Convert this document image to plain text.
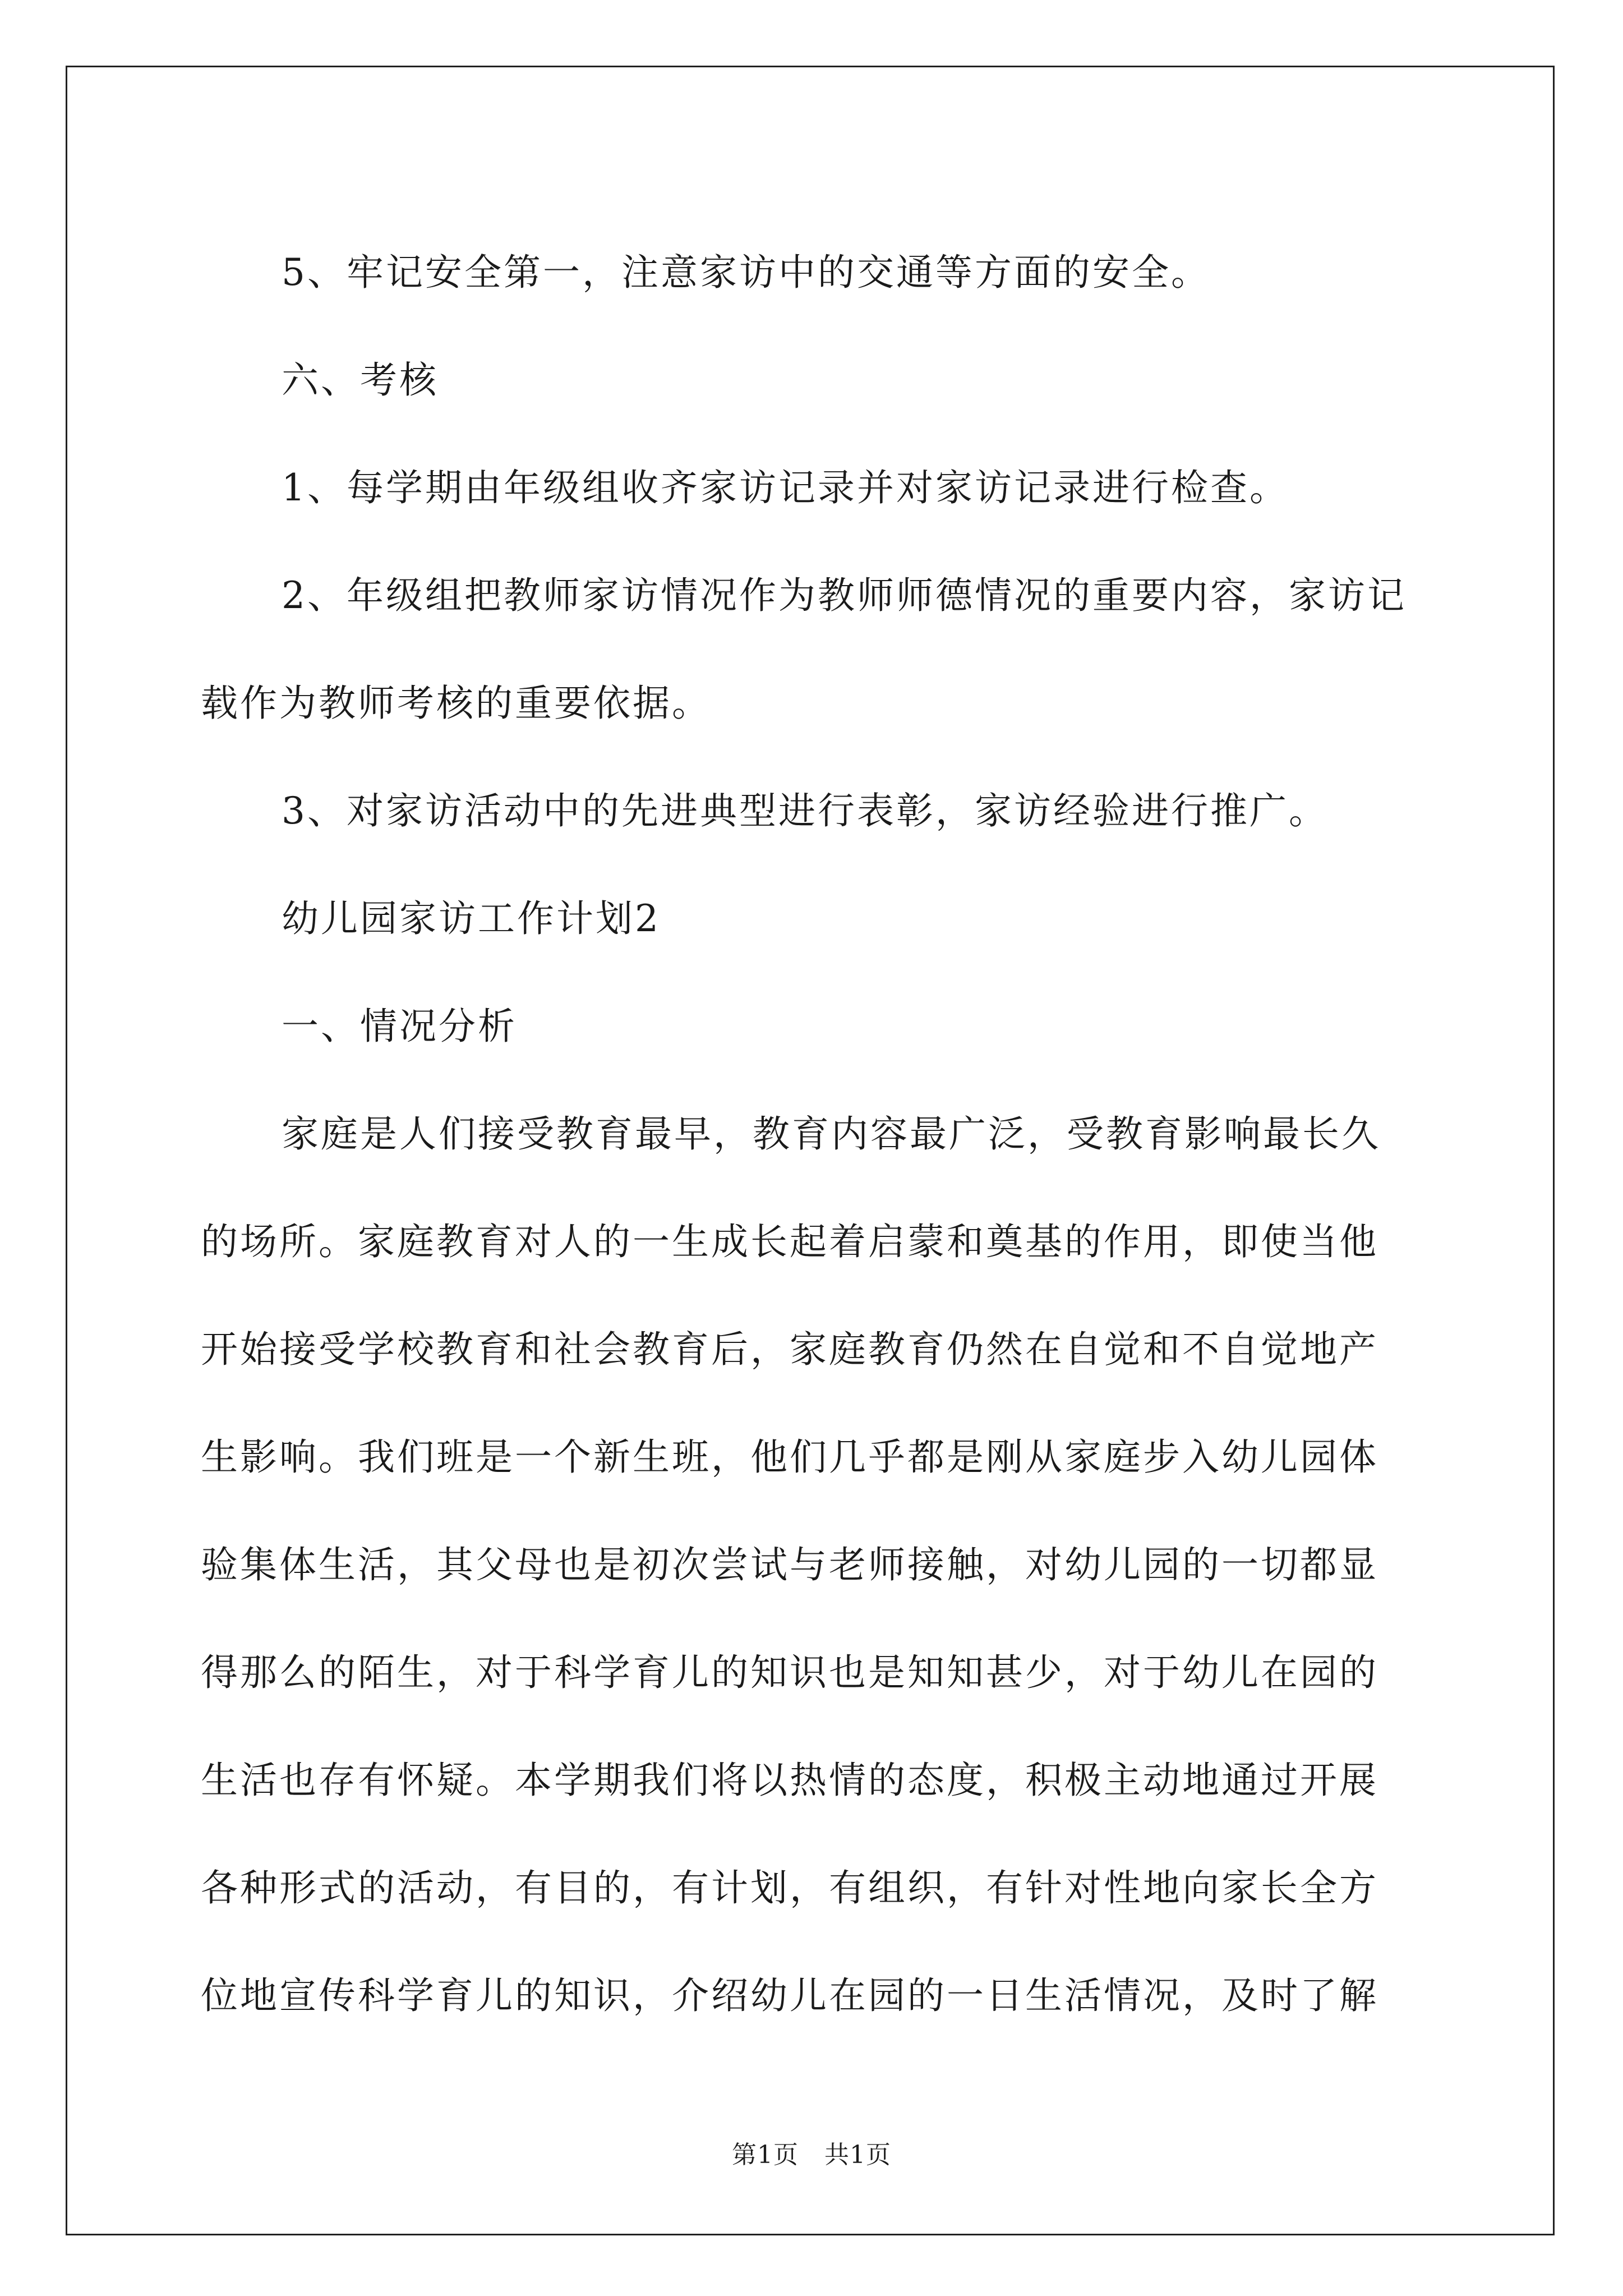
5、牢记安全第一，注意家访中的交通等方面的安全。
六、考核
1、每学期由年级组收齐家访记录并对家访记录进行检查。
2、年级组把教师家访情况作为教师师德情况的重要内容，家访记
载作为教师考核的重要依据。
3、对家访活动中的先进典型进行表彰，家访经验进行推广。
幼儿园家访工作计划2
一、情况分析
家庭是人们接受教育最早，教育内容最广泛，受教育影响最长久
的场所。家庭教育对人的一生成长起着启蒙和奠基的作用，即使当他
开始接受学校教育和社会教育后，家庭教育仍然在自觉和不自觉地产
生影响。我们班是一个新生班，他们几乎都是刚从家庭步入幼儿园体
验集体生活，其父母也是初次尝试与老师接触，对幼儿园的一切都显
得那么的陌生，对于科学育儿的知识也是知知甚少，对于幼儿在园的
生活也存有怀疑。本学期我们将以热情的态度，积极主动地通过开展
各种形式的活动，有目的，有计划，有组织，有针对性地向家长全方
位地宣传科学育儿的知识，介绍幼儿在园的一日生活情况，及时了解
第1页 共1页
